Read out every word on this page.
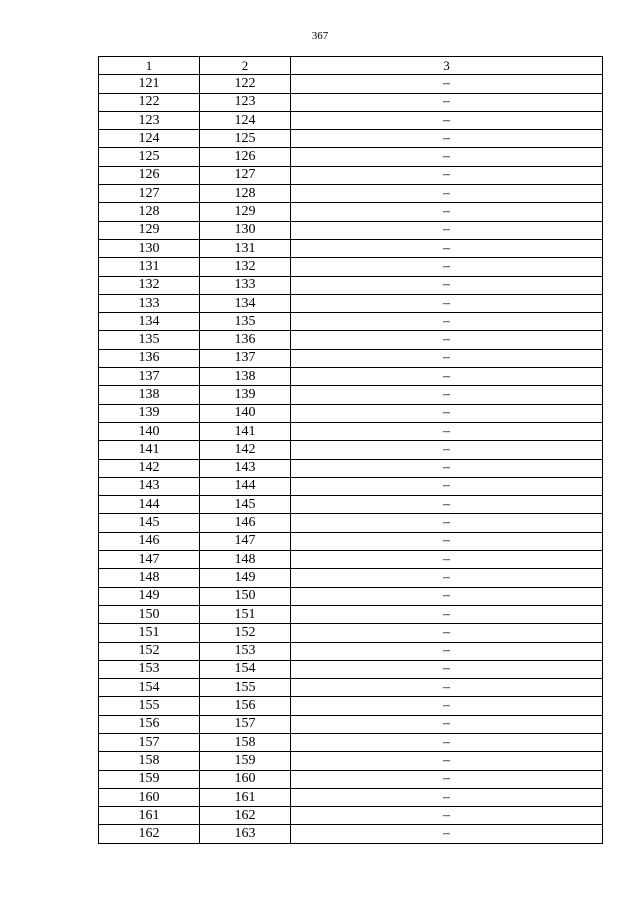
367
1	2	3
121	122	–
122	123	–
123	124	–
124	125	–
125	126	–
126	127	–
127	128	–
128	129	–
129	130	–
130	131	–
131	132	–
132	133	–
133	134	–
134	135	–
135	136	–
136	137	–
137	138	–
138	139	–
139	140	–
140	141	–
141	142	–
142	143	–
143	144	–
144	145	–
145	146	–
146	147	–
147	148	–
148	149	–
149	150	–
150	151	–
151	152	–
152	153	–
153	154	–
154	155	–
155	156	–
156	157	–
157	158	–
158	159	–
159	160	–
160	161	–
161	162	–
162	163	–
